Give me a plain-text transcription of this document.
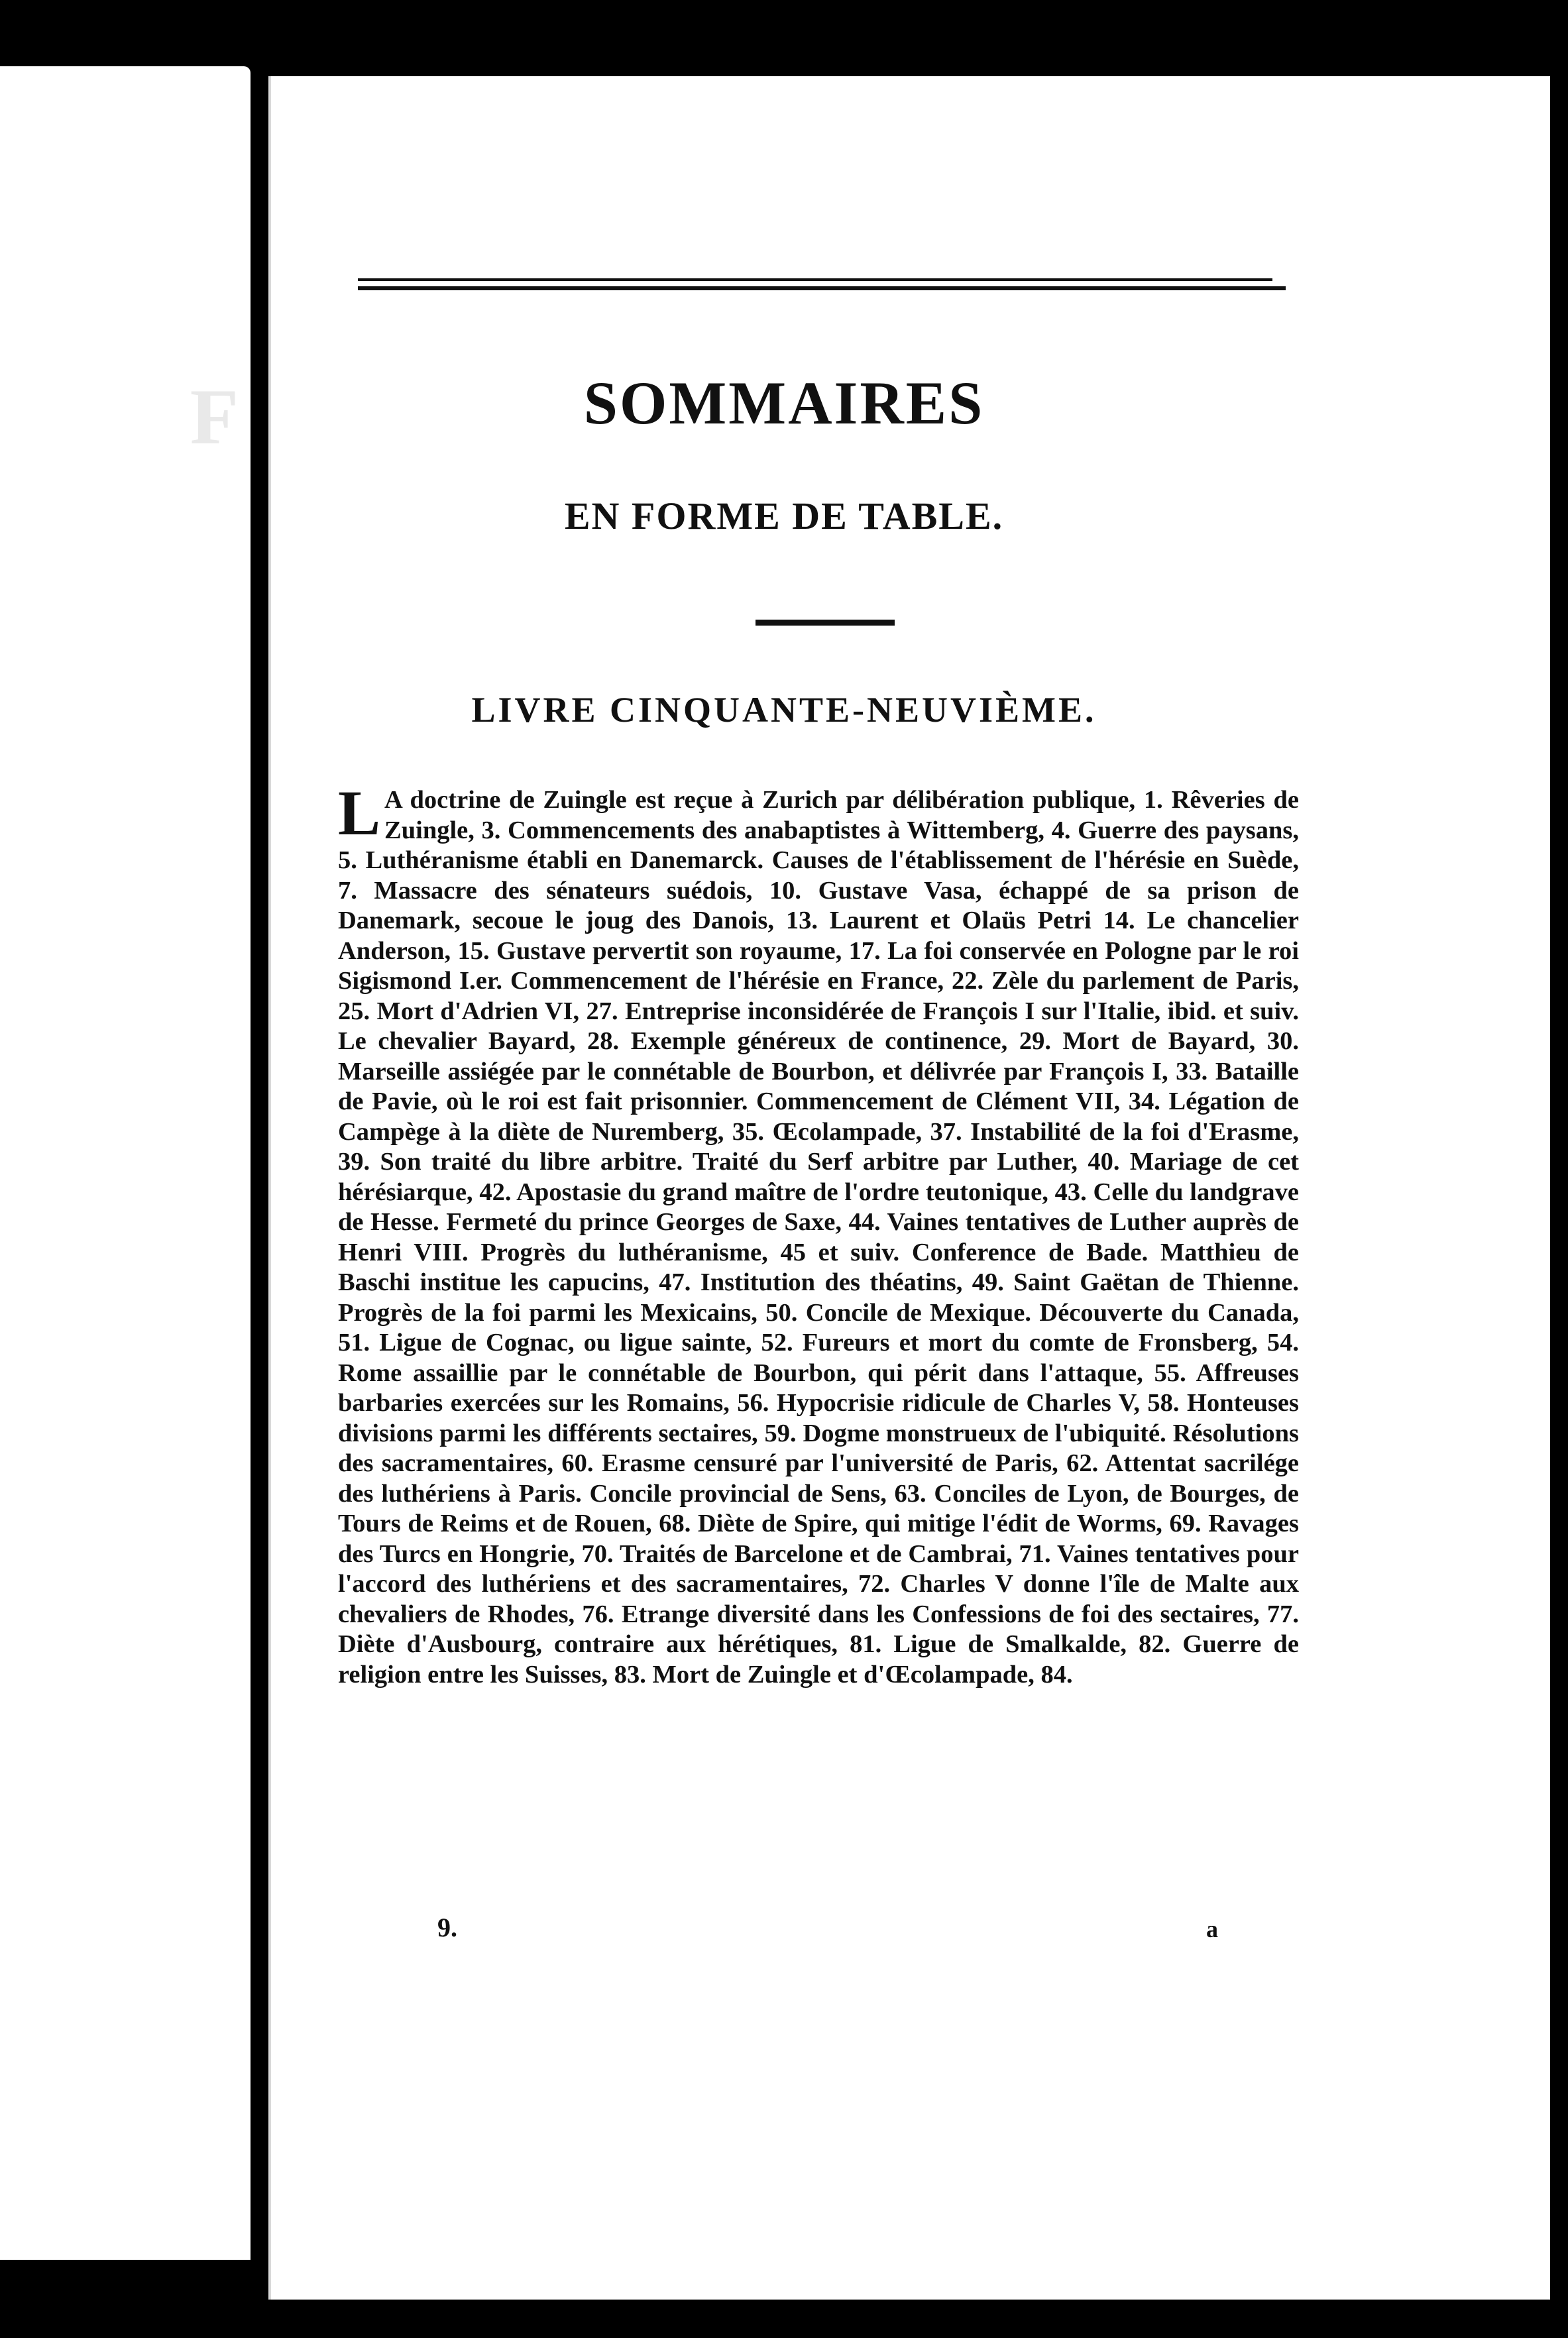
F	SOMMAIRES
EN FORME DE TABLE.
LIVRE CINQUANTE-NEUVIÈME.

L A doctrine de Zuingle est reçue à Zurich par délibération publique, 1. Rêveries de Zuingle, 3. Commencements des anabaptistes à Wittemberg, 4. Guerre des paysans, 5. Luthéranisme établi en Danemarck. Causes de l'établissement de l'hérésie en Suède, 7. Massacre des sénateurs suédois, 10. Gustave Vasa, échappé de sa prison de Danemark, secoue le joug des Danois, 13. Laurent et Olaüs Petri 14. Le chancelier Anderson, 15. Gustave pervertit son royaume, 17. La foi conservée en Pologne par le roi Sigismond I.er. Commencement de l'hérésie en France, 22. Zèle du parlement de Paris, 25. Mort d'Adrien VI, 27. Entreprise inconsidérée de François I sur l'Italie, ibid. et suiv. Le chevalier Bayard, 28. Exemple généreux de continence, 29. Mort de Bayard, 30. Marseille assiégée par le connétable de Bourbon, et délivrée par François I, 33. Bataille de Pavie, où le roi est fait prisonnier. Commencement de Clément VII, 34. Légation de Campège à la diète de Nuremberg, 35. Œcolampade, 37. Instabilité de la foi d'Erasme, 39. Son traité du libre arbitre. Traité du Serf arbitre par Luther, 40. Mariage de cet hérésiarque, 42. Apostasie du grand maître de l'ordre teutonique, 43. Celle du landgrave de Hesse. Fermeté du prince Georges de Saxe, 44. Vaines tentatives de Luther auprès de Henri VIII. Progrès du luthéranisme, 45 et suiv. Conference de Bade. Matthieu de Baschi institue les capucins, 47. Institution des théatins, 49. Saint Gaëtan de Thienne. Progrès de la foi parmi les Mexicains, 50. Concile de Mexique. Découverte du Canada, 51. Ligue de Cognac, ou ligue sainte, 52. Fureurs et mort du comte de Fronsberg, 54. Rome assaillie par le connétable de Bourbon, qui périt dans l'attaque, 55. Affreuses barbaries exercées sur les Romains, 56. Hypocrisie ridicule de Charles V, 58. Honteuses divisions parmi les différents sectaires, 59. Dogme monstrueux de l'ubiquité. Résolutions des sacramentaires, 60. Erasme censuré par l'université de Paris, 62. Attentat sacrilége des luthériens à Paris. Concile provincial de Sens, 63. Conciles de Lyon, de Bourges, de Tours de Reims et de Rouen, 68. Diète de Spire, qui mitige l'édit de Worms, 69. Ravages des Turcs en Hongrie, 70. Traités de Barcelone et de Cambrai, 71. Vaines tentatives pour l'accord des luthériens et des sacramentaires, 72. Charles V donne l'île de Malte aux chevaliers de Rhodes, 76. Etrange diversité dans les Confessions de foi des sectaires, 77. Diète d'Ausbourg, contraire aux hérétiques, 81. Ligue de Smalkalde, 82. Guerre de religion entre les Suisses, 83. Mort de Zuingle et d'Œcolampade, 84.

9.	a
